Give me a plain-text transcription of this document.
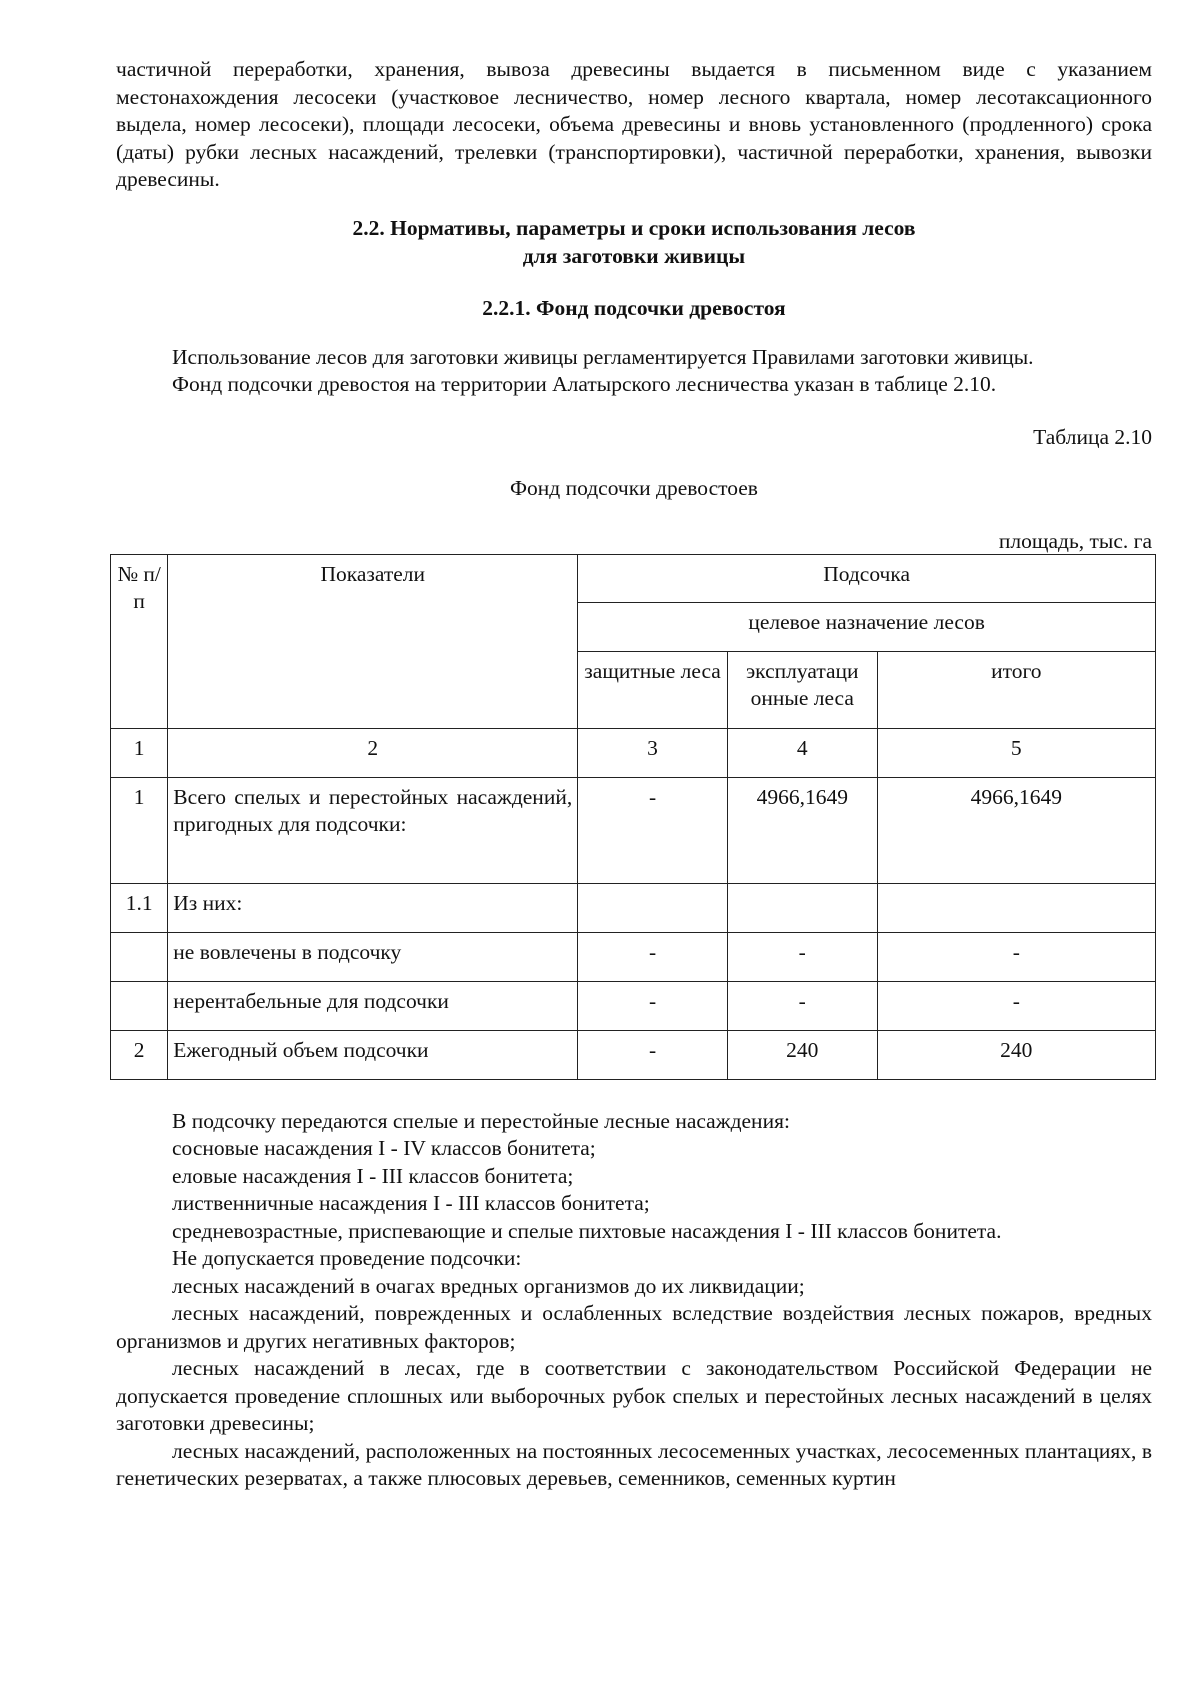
частичной переработки, хранения, вывоза древесины выдается в письменном виде с указанием местонахождения лесосеки (участковое лесничество, номер лесного квартала, номер лесотаксационного выдела, номер лесосеки), площади лесосеки, объема древесины и вновь установленного (продленного) срока (даты) рубки лесных насаждений, трелевки (транспортировки), частичной переработки, хранения, вывозки древесины.

2.2. Нормативы, параметры и сроки использования лесов

для заготовки живицы

2.2.1. Фонд подсочки древостоя

Использование лесов для заготовки живицы регламентируется Правилами заготовки живицы.

Фонд подсочки древостоя на территории Алатырского лесничества указан в таблице 2.10.

Таблица 2.10

Фонд подсочки древостоев

площадь, тыс. га

№ п/п	Показатели	Подсочка		
		целевое назначение лесов		
		защитные леса	эксплуатаци онные леса	итого
1	2	3	4	5
1	Всего спелых и перестойных насаждений, пригодных для подсочки:	-	4966,1649	4966,1649
1.1	Из них:			
	не вовлечены в подсочку	-	-	-
	нерентабельные для подсочки	-	-	-
2	Ежегодный объем подсочки	-	240	240

В подсочку передаются спелые и перестойные лесные насаждения:

сосновые насаждения I - IV классов бонитета;

еловые насаждения I - III классов бонитета;

лиственничные насаждения I - III классов бонитета;

средневозрастные, приспевающие и спелые пихтовые насаждения I - III классов бонитета.

Не допускается проведение подсочки:

лесных насаждений в очагах вредных организмов до их ликвидации;

лесных насаждений, поврежденных и ослабленных вследствие воздействия лесных пожаров, вредных организмов и других негативных факторов;

лесных насаждений в лесах, где в соответствии с законодательством Российской Федерации не допускается проведение сплошных или выборочных рубок спелых и перестойных лесных насаждений в целях заготовки древесины;

лесных насаждений, расположенных на постоянных лесосеменных участках, лесосеменных плантациях, в генетических резерватах, а также плюсовых деревьев, семенников, семенных куртин
